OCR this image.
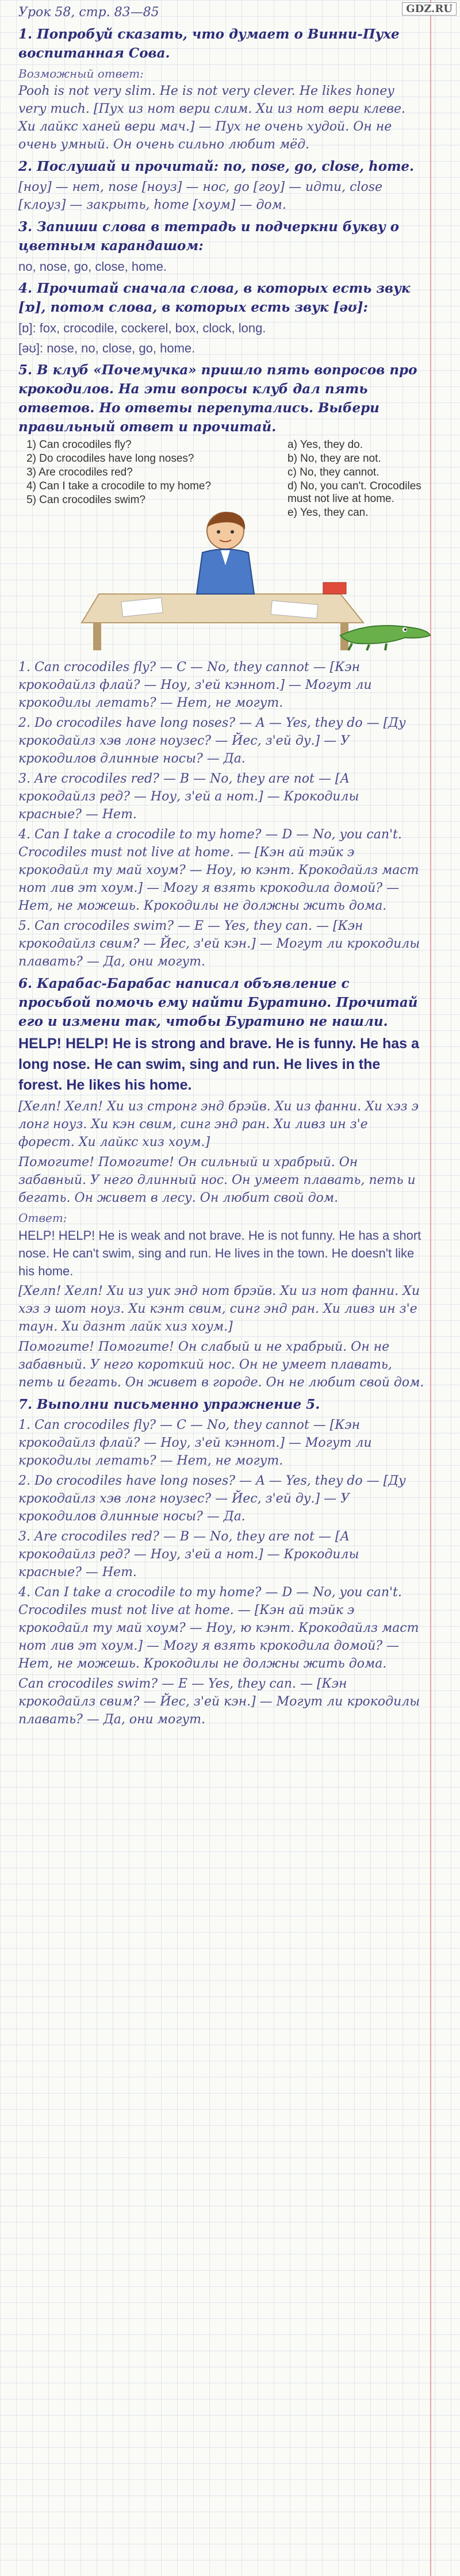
GDZ.RU

Урок 58, стр. 83—85

1. Попробуй сказать, что думает о Винни-Пухе воспитанная Сова.

Возможный ответ:

Pooh is not very slim. He is not very clever. He likes honey very much. [Пух из нот вери слим. Хи из нот вери клеве. Хи лайкс ханей вери мач.] — Пух не очень худой. Он не очень умный. Он очень сильно любит мёд.

2. Послушай и прочитай: no, nose, go, close, home.

[ноу] — нет, nose [ноуз] — нос, go [гоу] — идти, close [клоуз] — закрыть, home [хоум] — дом.

3. Запиши слова в тетрадь и подчеркни букву о цветным карандашом:

no, nose, go, close, home.

4. Прочитай сначала слова, в которых есть звук [ɒ], потом слова, в которых есть звук [əʊ]:

[ɒ]: fox, crocodile, cockerel, box, clock, long.

[əʊ]: nose, no, close, go, home.

5. В клуб «Почемучка» пришло пять вопросов про крокодилов. На эти вопросы клуб дал пять ответов. Но ответы перепутались. Выбери правильный ответ и прочитай.

1) Can crocodiles fly?
2) Do crocodiles have long noses?
3) Are crocodiles red?
4) Can I take a crocodile to my home?
5) Can crocodiles swim?
a) Yes, they do.
b) No, they are not.
c) No, they cannot.
d) No, you can't. Crocodiles must not live at home.
e) Yes, they can.

1. Can crocodiles fly? — C — No, they cannot — [Кэн крокодайлз флай? — Ноу, з'ей кэннот.] — Могут ли крокодилы летать? — Нет, не могут.

2. Do crocodiles have long noses? — A — Yes, they do — [Ду крокодайлз хэв лонг ноузес? — Йес, з'ей ду.] — У крокодилов длинные носы? — Да.

3. Are crocodiles red? — B — No, they are not — [А крокодайлз ред? — Ноу, з'ей а нот.] — Крокодилы красные? — Нет.

4. Can I take a crocodile to my home? — D — No, you can't. Crocodiles must not live at home. — [Кэн ай тэйк э крокодайл ту май хоум? — Ноу, ю кэнт. Крокодайлз маст нот лив эт хоум.] — Могу я взять крокодила домой? — Нет, не можешь. Крокодилы не должны жить дома.

5. Can crocodiles swim? — E — Yes, they can. — [Кэн крокодайлз свим? — Йес, з'ей кэн.] — Могут ли крокодилы плавать? — Да, они могут.

6. Карабас-Барабас написал объявление с просьбой помочь ему найти Буратино. Прочитай его и измени так, чтобы Буратино не нашли.

HELP! HELP! He is strong and brave. He is funny. He has a long nose. He can swim, sing and run. He lives in the forest. He likes his home.

[Хелп! Хелп! Хи из стронг энд брэйв. Хи из фанни. Хи хэз э лонг ноуз. Хи кэн свим, синг энд ран. Хи ливз ин з'е форест. Хи лайкс хиз хоум.]

Помогите! Помогите! Он сильный и храбрый. Он забавный. У него длинный нос. Он умеет плавать, петь и бегать. Он живет в лесу. Он любит свой дом.

Ответ:

HELP! HELP! He is weak and not brave. He is not funny. He has a short nose. He can't swim, sing and run. He lives in the town. He doesn't like his home.

[Хелп! Хелп! Хи из уик энд нот брэйв. Хи из нот фанни. Хи хэз э шот ноуз. Хи кэнт свим, синг энд ран. Хи ливз ин з'е таун. Хи дазнт лайк хиз хоум.]

Помогите! Помогите! Он слабый и не храбрый. Он не забавный. У него короткий нос. Он не умеет плавать, петь и бегать. Он живет в городе. Он не любит свой дом.

7. Выполни письменно упражнение 5.

1. Can crocodiles fly? — C — No, they cannot — [Кэн крокодайлз флай? — Ноу, з'ей кэннот.] — Могут ли крокодилы летать? — Нет, не могут.

2. Do crocodiles have long noses? — A — Yes, they do — [Ду крокодайлз хэв лонг ноузес? — Йес, з'ей ду.] — У крокодилов длинные носы? — Да.

3. Are crocodiles red? — B — No, they are not — [А крокодайлз ред? — Ноу, з'ей а нот.] — Крокодилы красные? — Нет.

4. Can I take a crocodile to my home? — D — No, you can't. Crocodiles must not live at home. — [Кэн ай тэйк э крокодайл ту май хоум? — Ноу, ю кэнт. Крокодайлз маст нот лив эт хоум.] — Могу я взять крокодила домой? — Нет, не можешь. Крокодилы не должны жить дома.

Can crocodiles swim? — E — Yes, they can. — [Кэн крокодайлз свим? — Йес, з'ей кэн.] — Могут ли крокодилы плавать? — Да, они могут.
